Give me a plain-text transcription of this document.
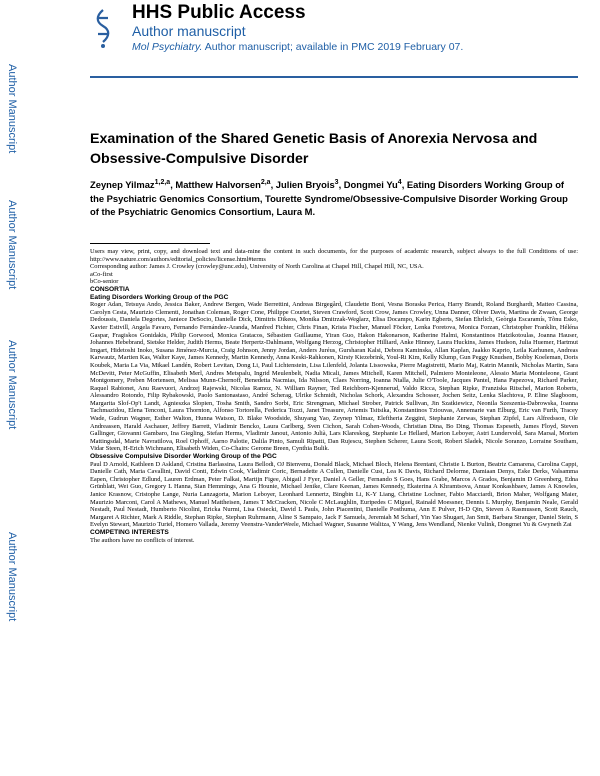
HHS Public Access
Author manuscript
Mol Psychiatry. Author manuscript; available in PMC 2019 February 07.
Author Manuscript
Author Manuscript
Author Manuscript
Author Manuscript
Examination of the Shared Genetic Basis of Anorexia Nervosa and Obsessive-Compulsive Disorder
Zeynep Yilmaz$^{1,2,a}$, Matthew Halvorsen$^{2,a}$, Julien Bryois$^3$, Dongmei Yu$^4$, Eating Disorders Working Group of the Psychiatric Genomics Consortium, Tourette Syndrome/Obsessive-Compulsive Disorder Working Group of the Psychiatric Genomics Consortium, Laura M.

Users may view, print, copy, and download text and data-mine the content in such documents, for the purposes of academic research, subject always to the full Conditions of use: http://www.nature.com/authors/editorial_policies/license.html#terms

Corresponding author: James J. Crowley (crowley@unc.edu), University of North Carolina at Chapel Hill, Chapel Hill, NC, USA.

aCo-first

bCo-senior

CONSORTIA

Eating Disorders Working Group of the PGC

Roger Adan, Tetsuya Ando, Jessica Baker, Andrew Bergen, Wade Berrettini, Andreas Birgegård, Claudette Boni, Vesna Boraska Perica, Harry Brandt, Roland Burghardt, Matteo Cassina, Carolyn Cesta, Maurizio Clementi, Jonathan Coleman, Roger Cone, Philippe Courtet, Steven Crawford, Scott Crow, James Crowley, Unna Danner, Oliver Davis, Martina de Zwaan, George Dedoussis, Daniela Degortes, Janiece DeSocio, Danielle Dick, Dimitris Dikeos, Monika Dmitrzak-Weglarz, Elisa Docampo, Karin Egberts, Stefan Ehrlich, Geòrgia Escaramís, Tõnu Esko, Xavier Estivill, Angela Favaro, Fernando Fernández-Aranda, Manfred Fichter, Chris Finan, Krista Fischer, Manuel Föcker, Lenka Foretova, Monica Forzan, Christopher Franklin, Héléna Gaspar, Fragiskos Gonidakis, Philip Gorwood, Monica Gratacos, Sébastien Guillaume, Yiran Guo, Hakon Hakonarson, Katherine Halmi, Konstantinos Hatzikotoulas, Joanna Hauser, Johannes Hebebrand, Sietske Helder, Judith Herms, Beate Herpertz-Dahlmann, Wolfgang Herzog, Christopher Hilliard, Anke Hinney, Laura Huckins, James Hudson, Julia Huemer, Hartmut Imgart, Hidetoshi Inoko, Susana Jiménez-Murcia, Craig Johnson, Jenny Jordan, Anders Juréus, Gursharan Kalsi, Debora Kaminska, Allan Kaplan, Jaakko Kaprio, Leila Karhunen, Andreas Karwautz, Martien Kas, Walter Kaye, James Kennedy, Martin Kennedy, Anna Keski-Rahkonen, Kirsty Kiezebrink, Youl-Ri Kim, Kelly Klump, Gun Peggy Knudsen, Bobby Koeleman, Doris Koubek, Maria La Via, Mikael Landén, Robert Levitan, Dong Li, Paul Lichtenstein, Lisa Lilenfeld, Jolanta Lissowska, Pierre Magistretti, Mario Maj, Katrin Mannik, Nicholas Martin, Sara McDevitt, Peter McGuffin, Elisabeth Merl, Andres Metspalu, Ingrid Meulenbelt, Nadia Micali, James Mitchell, Karen Mitchell, Palmiero Monteleone, Alessio Maria Monteleone, Grant Montgomery, Preben Mortensen, Melissa Munn-Chernoff, Benedetta Nacmias, Ida Nilsson, Claes Norring, Ioanna Ntalla, Julie O'Toole, Jacques Pantel, Hana Papezova, Richard Parker, Raquel Rabionet, Anu Raevuori, Andrzej Rajewski, Nicolas Ramoz, N. William Rayner, Ted Reichborn-Kjennerud, Valdo Ricca, Stephan Ripke, Franziska Ritschel, Marion Roberts, Alessandro Rotondo, Filip Rybakowski, Paolo Santonastaso, André Scherag, Ulrike Schmidt, Nicholas Schork, Alexandra Schosser, Jochen Seitz, Lenka Slachtova, P. Eline Slagboom, Margarita Slof-Op't Landt, Agnieszka Slopien, Tosha Smith, Sandro Sorbi, Eric Strengman, Michael Strober, Patrick Sullivan, Jin Szatkiewicz, Neonila Szeszenia-Dabrowska, Ioanna Tachmazidou, Elena Tenconi, Laura Thornton, Alfonso Tortorella, Federica Tozzi, Janet Treasure, Artemis Tsitsika, Konstantinos Tziouvas, Annemarie van Elburg, Eric van Furth, Tracey Wade, Gudrun Wagner, Esther Walton, Hunna Watson, D. Blake Woodside, Shuyang Yao, Zeynep Yilmaz, Eleftheria Zeggini, Stephanie Zerwas, Stephan Zipfel, Lars Alfredsson, Ole Andreassen, Harald Aschauer, Jeffrey Barrett, Vladimir Bencko, Laura Carlberg, Sven Cichon, Sarah Cohen-Woods, Christian Dina, Bo Ding, Thomas Espeseth, James Floyd, Steven Gallinger, Giovanni Gambaro, Ina Giegling, Stefan Herms, Vladimir Janout, Antonio Julià, Lars Klareskog, Stephanie Le Hellard, Marion Leboyer, Astri Lundervold, Sara Marsal, Morten Mattingsdal, Marie Navratilova, Roel Ophoff, Aarno Palotie, Dalila Pinto, Samuli Ripatti, Dan Rujescu, Stephen Scherer, Laura Scott, Robert Sladek, Nicole Soranzo, Lorraine Southam, Vidar Steen, H-Erich Wichmann, Elisabeth Widen, Co-Chairs: Gerome Breen, Cynthia Bulik.

Obsessive Compulsive Disorder Working Group of the PGC

Paul D Arnold, Kathleen D Askland, Cristina Barlassina, Laura Bellodi, OJ Bienvenu, Donald Black, Michael Bloch, Helena Brentani, Christie L Burton, Beatriz Camarena, Carolina Cappi, Danielle Cath, Maria Cavallini, David Conti, Edwin Cook, Vladimir Coric, Bernadette A Cullen, Danielle Cusi, Lea K Davis, Richard Delorme, Damiaan Denys, Eske Derks, Valsamma Eapen, Christopher Edlund, Lauren Erdman, Peter Falkai, Martijn Figee, Abigail J Fyer, Daniel A Geller, Fernando S Goes, Hans Grabe, Marcos A Grados, Benjamin D Greenberg, Edna Grünblatt, Wei Guo, Gregory L Hanna, Sian Hemmings, Ana G Hounie, Michael Jenike, Clare Keenan, James Kennedy, Ekaterina A Khramtsova, Anuar Konkashbaev, James A Knowles, Janice Krasnow, Cristophe Lange, Nuria Lanzagorta, Marion Leboyer, Leonhard Lennertz, Bingbin Li, K-Y Liang, Christine Lochner, Fabio Macciardi, Brion Maher, Wolfgang Maier, Maurizio Marconi, Carol A Mathews, Manuel Mattheisen, James T McCracken, Nicole C McLaughlin, Euripedes C Miguel, Rainald Moessner, Dennis L Murphy, Benjamin Neale, Gerald Nestadt, Paul Nestadt, Humberto Nicolini, Ericka Nurmi, Lisa Osiecki, David L Pauls, John Piacentini, Danielle Posthuma, Ann E Pulver, H-D Qin, Steven A Rasmussen, Scott Rauch, Margaret A Richter, Mark A Riddle, Stephan Ripke, Stephan Ruhrmann, Aline S Sampaio, Jack F Samuels, Jeremiah M Scharf, Yin Yao Shugart, Jan Smit, Barbara Stranger, Daniel Stein, S Evelyn Stewart, Maurizio Turiel, Homero Vallada, Jeremy Veenstra-VanderWeele, Michael Wagner, Susanne Walitza, Y Wang, Jens Wendland, Nienke Vulink, Dongmei Yu & Gwyneth Zai

COMPETING INTERESTS

The authors have no conflicts of interest.
